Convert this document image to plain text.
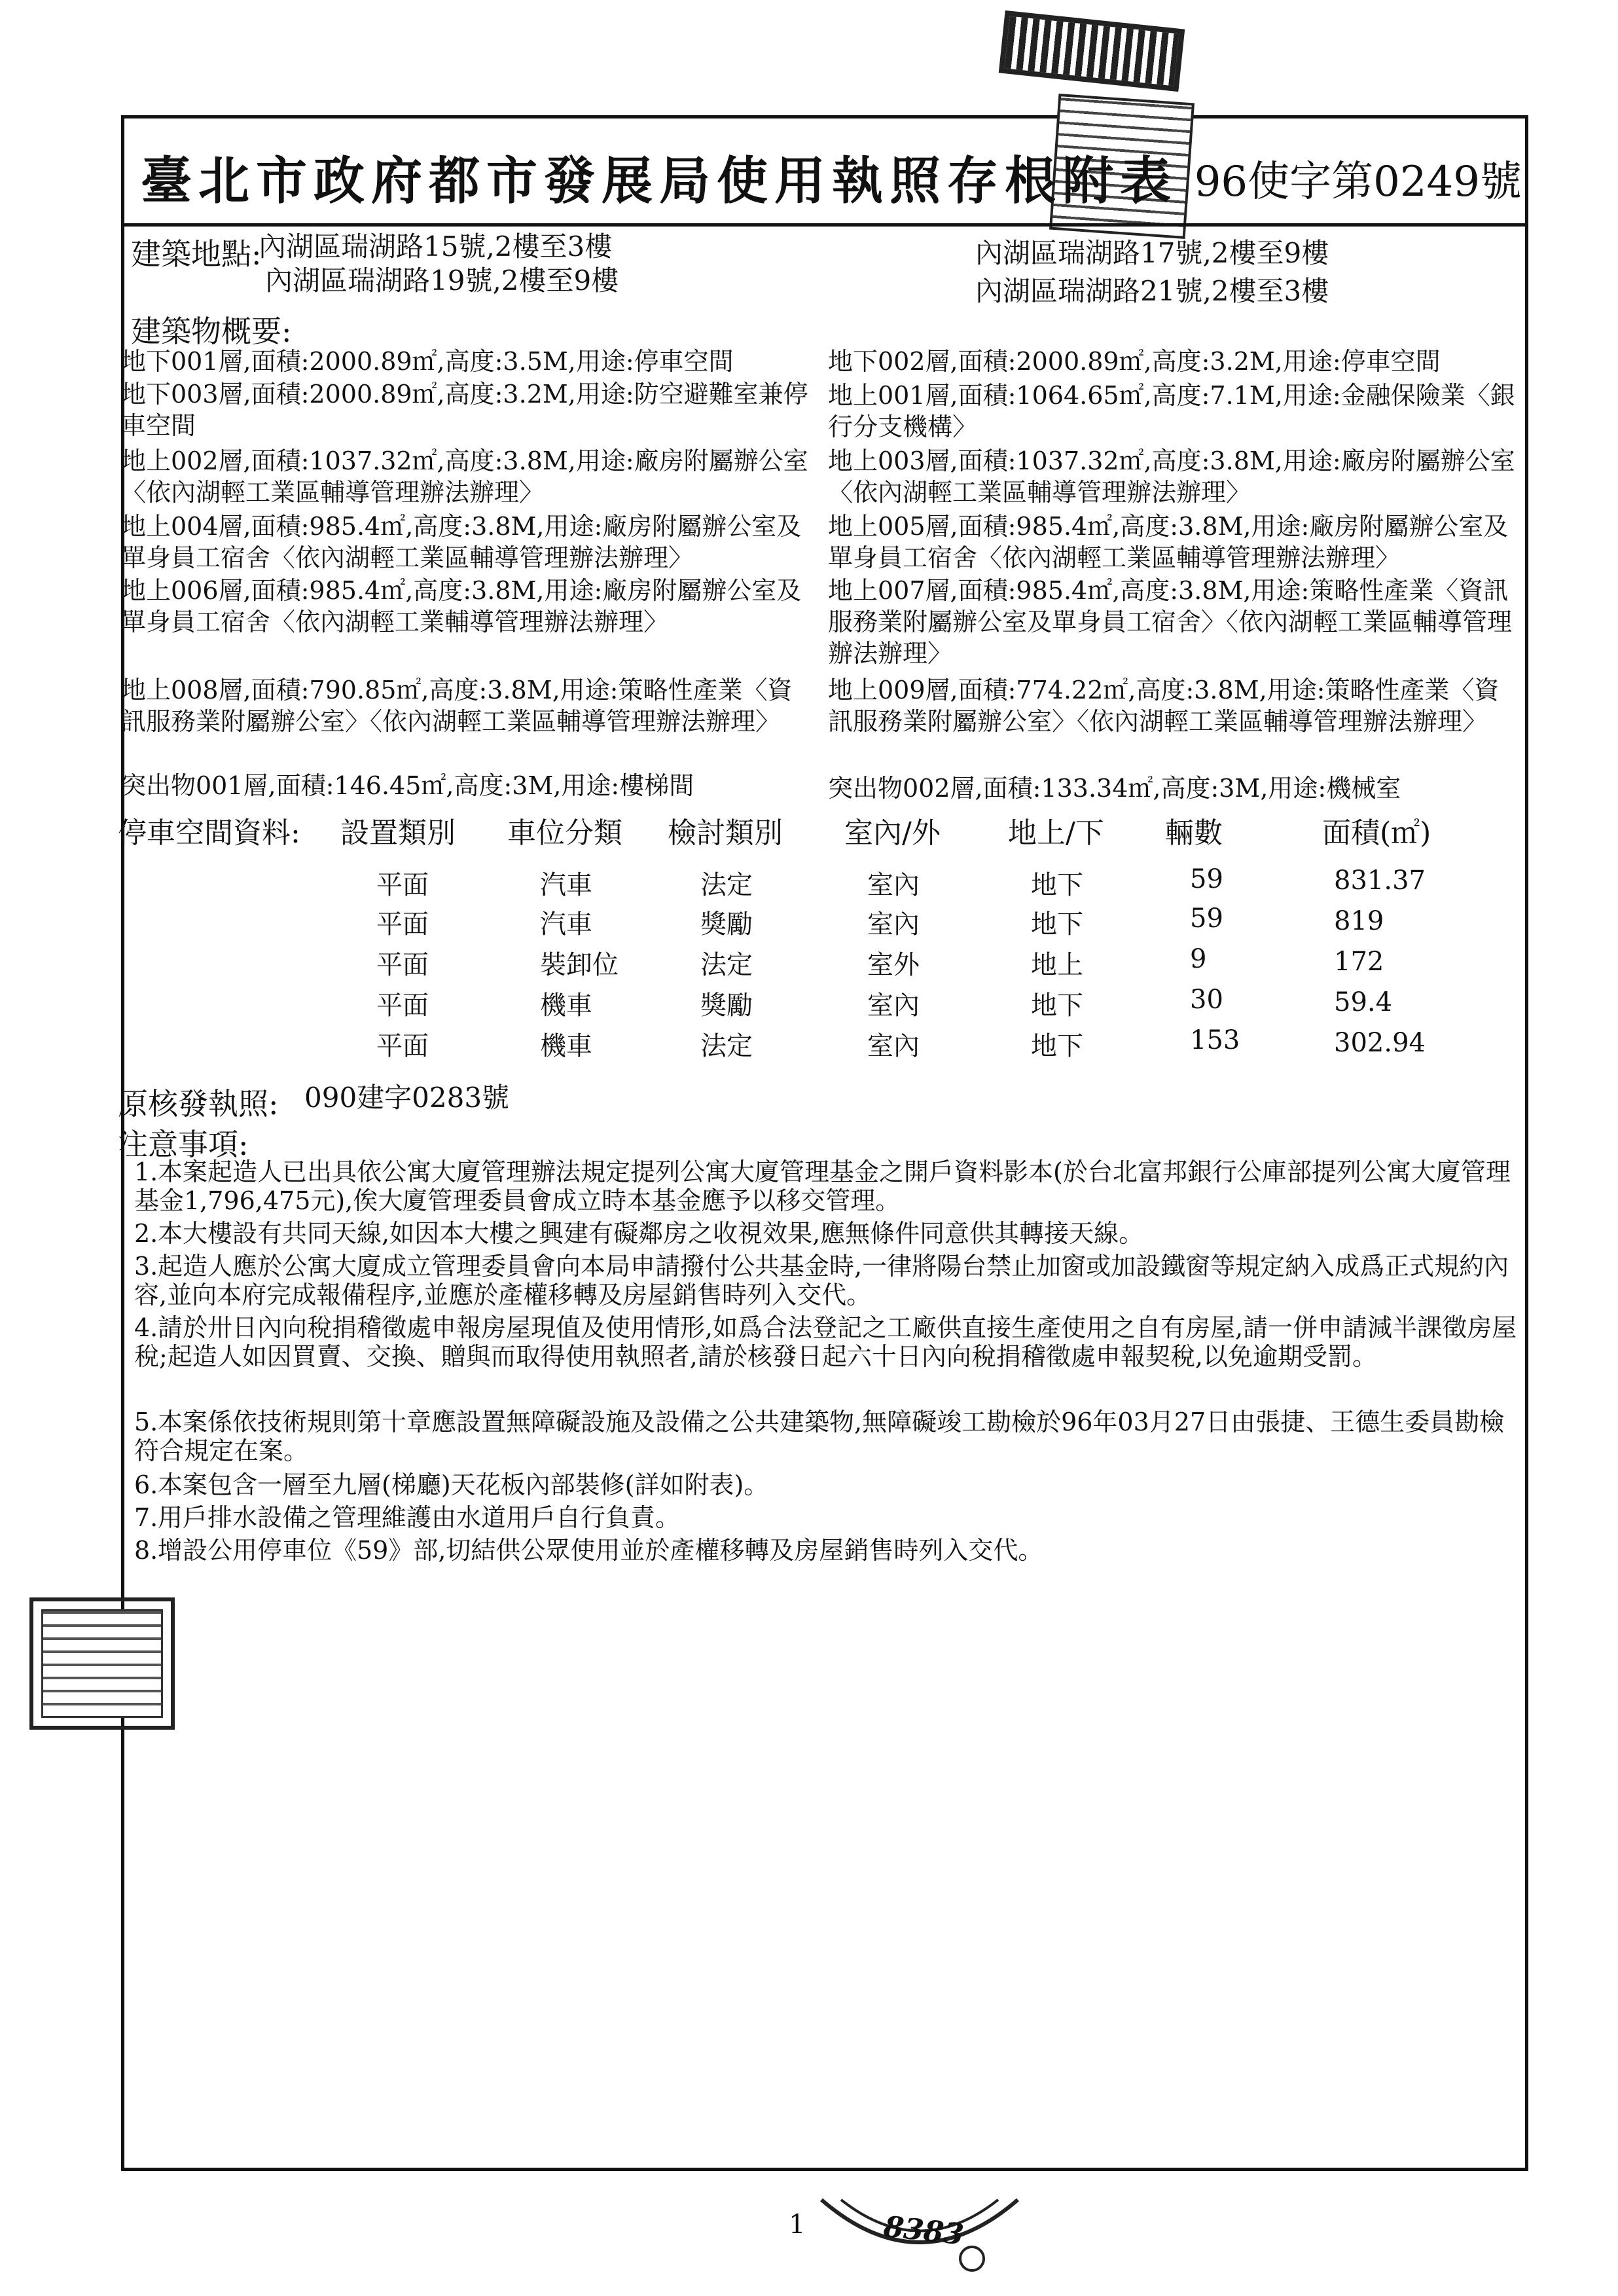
臺北市政府都市發展局使用執照存根附表 96使字第0249號
建築地點:
內湖區瑞湖路15號,2樓至3樓
內湖區瑞湖路19號,2樓至9樓
內湖區瑞湖路17號,2樓至9樓
內湖區瑞湖路21號,2樓至3樓
建築物概要:
地下001層,面積:2000.89㎡,高度:3.5M,用途:停車空間
地下003層,面積:2000.89㎡,高度:3.2M,用途:防空避難室兼停車空間
地上002層,面積:1037.32㎡,高度:3.8M,用途:廠房附屬辦公室〈依內湖輕工業區輔導管理辦法辦理〉
地上004層,面積:985.4㎡,高度:3.8M,用途:廠房附屬辦公室及單身員工宿舍〈依內湖輕工業區輔導管理辦法辦理〉
地上006層,面積:985.4㎡,高度:3.8M,用途:廠房附屬辦公室及單身員工宿舍〈依內湖輕工業輔導管理辦法辦理〉
地上008層,面積:790.85㎡,高度:3.8M,用途:策略性產業〈資訊服務業附屬辦公室〉〈依內湖輕工業區輔導管理辦法辦理〉
突出物001層,面積:146.45㎡,高度:3M,用途:樓梯間
地下002層,面積:2000.89㎡,高度:3.2M,用途:停車空間
地上001層,面積:1064.65㎡,高度:7.1M,用途:金融保險業〈銀行分支機構〉
地上003層,面積:1037.32㎡,高度:3.8M,用途:廠房附屬辦公室〈依內湖輕工業區輔導管理辦法辦理〉
地上005層,面積:985.4㎡,高度:3.8M,用途:廠房附屬辦公室及單身員工宿舍〈依內湖輕工業區輔導管理辦法辦理〉
地上007層,面積:985.4㎡,高度:3.8M,用途:策略性產業〈資訊服務業附屬辦公室及單身員工宿舍〉〈依內湖輕工業區輔導管理辦法辦理〉
地上009層,面積:774.22㎡,高度:3.8M,用途:策略性產業〈資訊服務業附屬辦公室〉〈依內湖輕工業區輔導管理辦法辦理〉
突出物002層,面積:133.34㎡,高度:3M,用途:機械室
停車空間資料: 設置類別 車位分類 檢討類別 室內/外 地上/下 輛數	面積(㎡)
平面	汽車	法定	室內	地下	59	831.37
平面	汽車	獎勵	室內	地下	59	819
平面	裝卸位	法定	室外	地上	9	172
平面	機車	獎勵	室內	地下	30	59.4
平面	機車	法定	室內	地下	153	302.94
原核發執照: 090建字0283號
注意事項:
1.本案起造人已出具依公寓大廈管理辦法規定提列公寓大廈管理基金之開戶資料影本(於台北富邦銀行公庫部提列公寓大廈管理基金1,796,475元),俟大廈管理委員會成立時本基金應予以移交管理。
2.本大樓設有共同天線,如因本大樓之興建有礙鄰房之收視效果,應無條件同意供其轉接天線。
3.起造人應於公寓大廈成立管理委員會向本局申請撥付公共基金時,一律將陽台禁止加窗或加設鐵窗等規定納入成爲正式規約內容,並向本府完成報備程序,並應於產權移轉及房屋銷售時列入交代。
4.請於卅日內向稅捐稽徵處申報房屋現值及使用情形,如爲合法登記之工廠供直接生產使用之自有房屋,請一併申請減半課徵房屋稅;起造人如因買賣、交換、贈與而取得使用執照者,請於核發日起六十日內向稅捐稽徵處申報契稅,以免逾期受罰。
5.本案係依技術規則第十章應設置無障礙設施及設備之公共建築物,無障礙竣工勘檢於96年03月27日由張捷、王德生委員勘檢符合規定在案。
6.本案包含一層至九層(梯廳)天花板內部裝修(詳如附表)。
7.用戶排水設備之管理維護由水道用戶自行負責。
8.增設公用停車位《59》部,切結供公眾使用並於產權移轉及房屋銷售時列入交代。
1	8383
